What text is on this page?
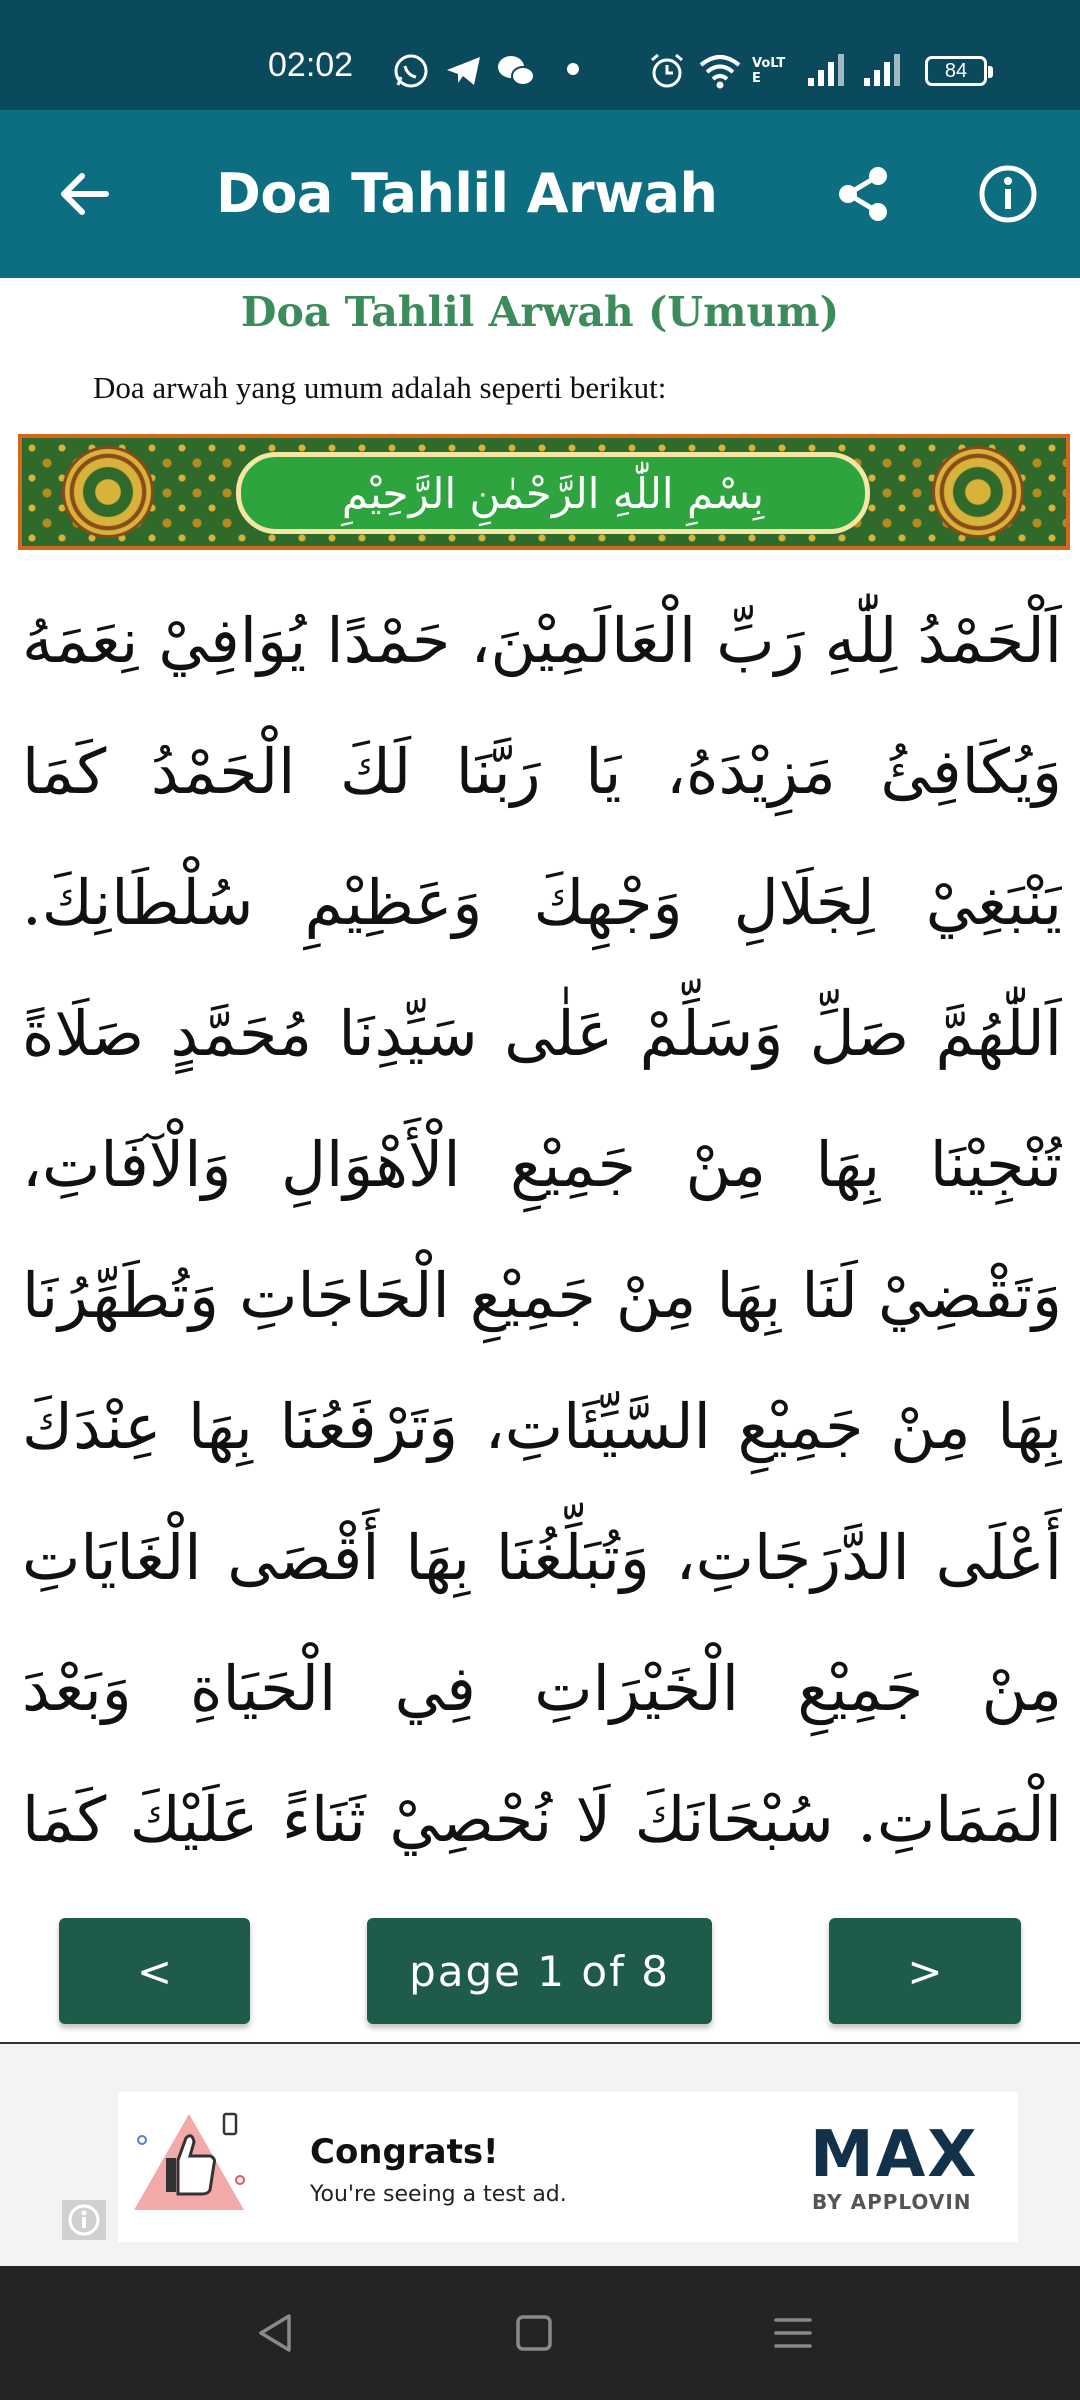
02:02	VoLTE	84
Doa Tahlil Arwah
Doa Tahlil Arwah (Umum)
Doa arwah yang umum adalah seperti berikut:
بِسْمِ اللّٰهِ الرَّحْمٰنِ الرَّحِيْمِ
اَلْحَمْدُ لِلّٰهِ رَبِّ الْعَالَمِيْنَ، حَمْدًا يُوَافِيْ نِعَمَهُ وَيُكَافِئُ مَزِيْدَهُ، يَا رَبَّنَا لَكَ الْحَمْدُ كَمَا يَنْبَغِيْ لِجَلَالِ وَجْهِكَ وَعَظِيْمِ سُلْطَانِكَ. اَللّٰهُمَّ صَلِّ وَسَلِّمْ عَلٰى سَيِّدِنَا مُحَمَّدٍ صَلَاةً تُنْجِيْنَا بِهَا مِنْ جَمِيْعِ الْأَهْوَالِ وَالْآفَاتِ، وَتَقْضِيْ لَنَا بِهَا مِنْ جَمِيْعِ الْحَاجَاتِ وَتُطَهِّرُنَا بِهَا مِنْ جَمِيْعِ السَّيِّئَاتِ، وَتَرْفَعُنَا بِهَا عِنْدَكَ أَعْلَى الدَّرَجَاتِ، وَتُبَلِّغُنَا بِهَا أَقْصَى الْغَايَاتِ مِنْ جَمِيْعِ الْخَيْرَاتِ فِي الْحَيَاةِ وَبَعْدَ الْمَمَاتِ. سُبْحَانَكَ لَا نُحْصِيْ ثَنَاءً عَلَيْكَ كَمَا
<	page 1 of 8	>
Congrats!
You're seeing a test ad.
MAX
BY APPLOVIN
